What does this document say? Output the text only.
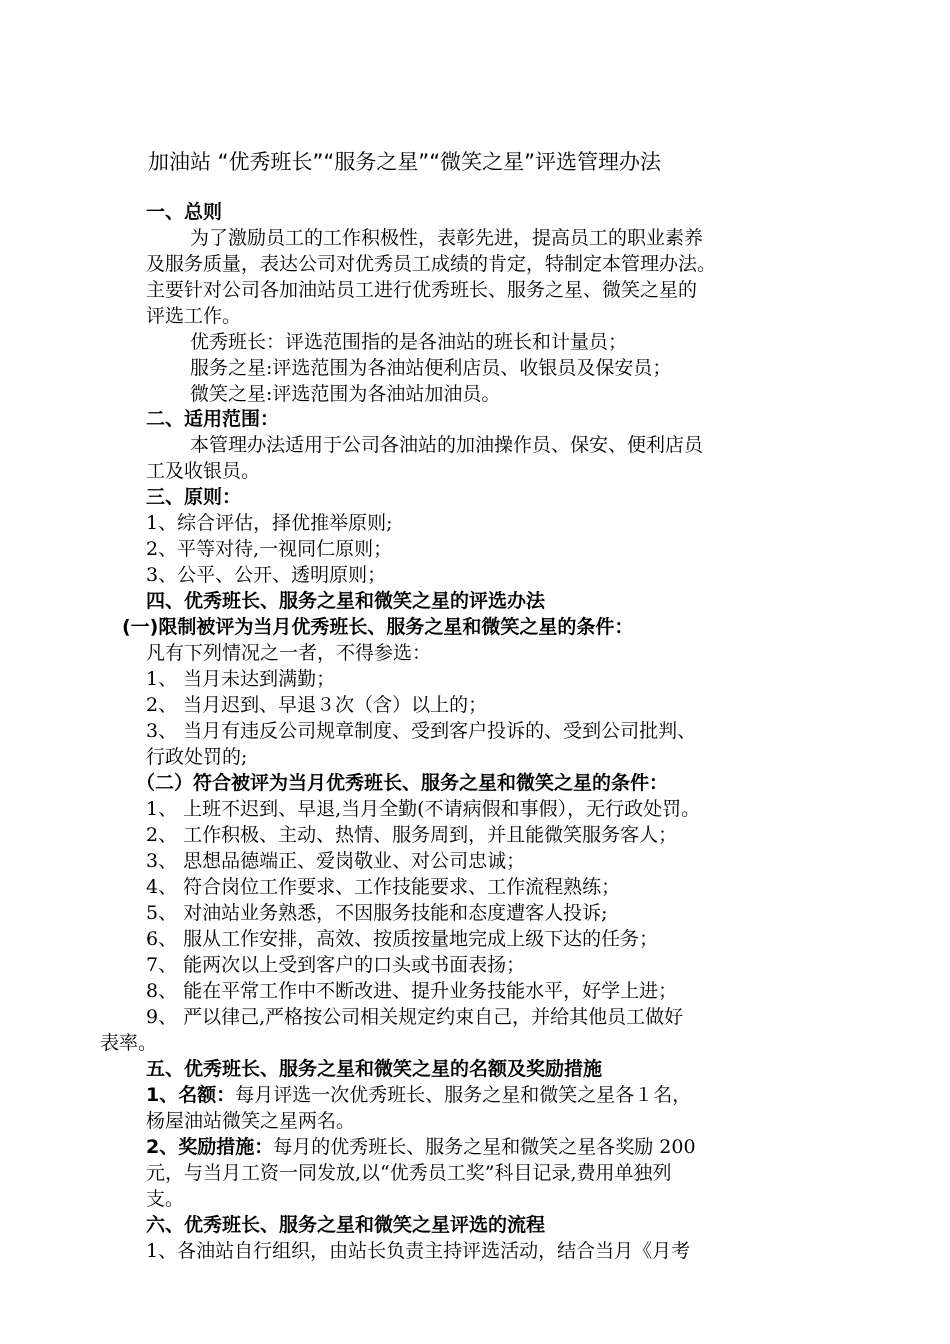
加油站 “优秀班长”“服务之星”“微笑之星”评选管理办法
一、总则
为了激励员工的工作积极性，表彰先进，提高员工的职业素养
及服务质量，表达公司对优秀员工成绩的肯定，特制定本管理办法。
主要针对公司各加油站员工进行优秀班长、服务之星、微笑之星的
评选工作。
优秀班长：评选范围指的是各油站的班长和计量员；
服务之星:评选范围为各油站便利店员、收银员及保安员；
微笑之星:评选范围为各油站加油员。
二、适用范围：
本管理办法适用于公司各油站的加油操作员、保安、便利店员
工及收银员。
三、原则：
1、综合评估，择优推举原则;
2、平等对待,一视同仁原则；
3、公平、公开、透明原则；
四、优秀班长、服务之星和微笑之星的评选办法
(一)限制被评为当月优秀班长、服务之星和微笑之星的条件：
凡有下列情况之一者，不得参选：
1、 当月未达到满勤；
2、 当月迟到、早退３次（含）以上的；
3、 当月有违反公司规章制度、受到客户投诉的、受到公司批判、
行政处罚的;
（二）符合被评为当月优秀班长、服务之星和微笑之星的条件：
1、 上班不迟到、早退,当月全勤(不请病假和事假），无行政处罚。
2、 工作积极、主动、热情、服务周到，并且能微笑服务客人；
3、 思想品德端正、爱岗敬业、对公司忠诚；
4、 符合岗位工作要求、工作技能要求、工作流程熟练；
5、 对油站业务熟悉，不因服务技能和态度遭客人投诉;
6、 服从工作安排，高效、按质按量地完成上级下达的任务；
7、 能两次以上受到客户的口头或书面表扬；
8、 能在平常工作中不断改进、提升业务技能水平，好学上进；
9、 严以律己,严格按公司相关规定约束自己，并给其他员工做好
表率。
五、优秀班长、服务之星和微笑之星的名额及奖励措施
1、名额：每月评选一次优秀班长、服务之星和微笑之星各１名，
杨屋油站微笑之星两名。
2、奖励措施：每月的优秀班长、服务之星和微笑之星各奖励 200
元，与当月工资一同发放,以“优秀员工奖”科目记录,费用单独列
支。
六、优秀班长、服务之星和微笑之星评选的流程
1、各油站自行组织，由站长负责主持评选活动，结合当月《月考
